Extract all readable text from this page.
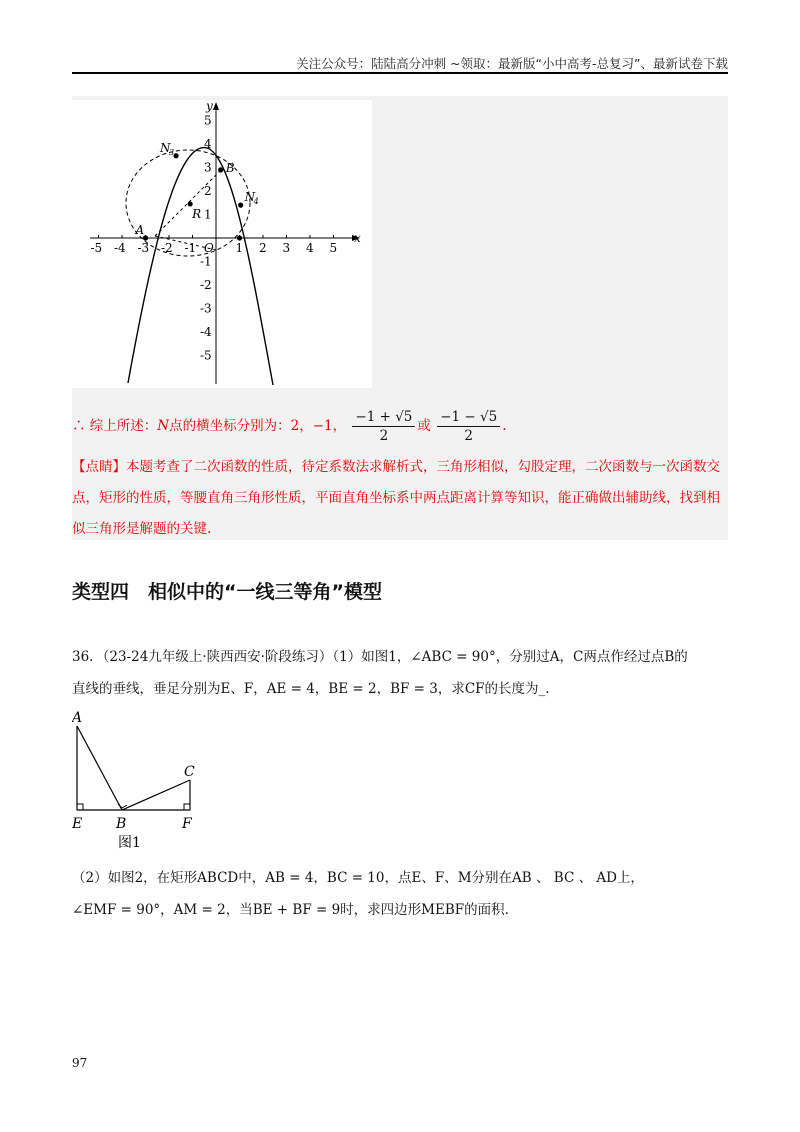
关注公众号：陆陆高分冲刺 ~领取：最新版“小中高考-总复习”、最新试卷下载
-5 -4 -3 -2 -1 O 1 2 3 4 5
5
4
3
2
1
-1
-2
-3
-4
-5
x
y
A
B
R
N
3
N
4
∴ 综上所述：N点的横坐标分别为：2，−1， $\frac{-1 + √5}{2}$ 或 $\frac{-1 - √5}{2}$ .
【点睛】本题考查了二次函数的性质，待定系数法求解析式，三角形相似，勾股定理，二次函数与一次函数交点，矩形的性质，等腰直角三角形性质，平面直角坐标系中两点距离计算等知识，能正确做出辅助线，找到相似三角形是解题的关键.
类型四　相似中的“一线三等角”模型
36．（23-24九年级上·陕西西安·阶段练习）（1）如图1，∠ABC = 90°，分别过A，C两点作经过点B的
直线的垂线，垂足分别为E、F，AE = 4，BE = 2，BF = 3，求CF的长度为_.
A
C
E B	F
图1
（2）如图2，在矩形ABCD中，AB = 4，BC = 10，点E、F、M分别在AB 、 BC 、 AD上，
∠EMF = 90°，AM = 2，当BE + BF = 9时，求四边形MEBF的面积.
97
